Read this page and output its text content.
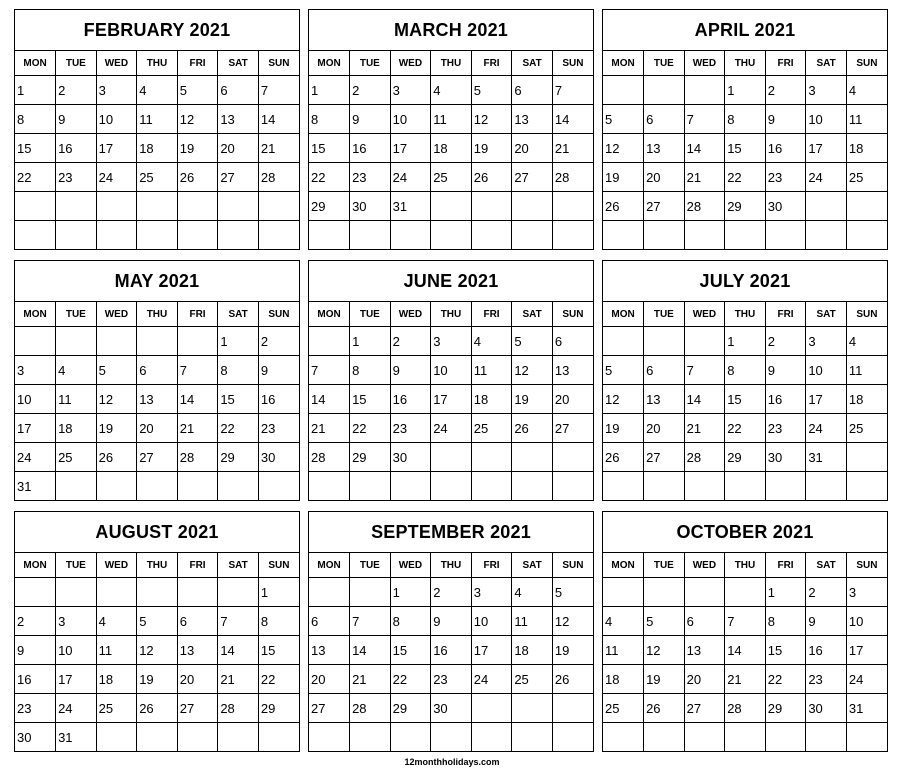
FEBRUARY 2021
MON	TUE	WED	THU	FRI	SAT	SUN
1	2	3	4	5	6	7
8	9	10	11	12	13	14
15	16	17	18	19	20	21
22	23	24	25	26	27	28

MARCH 2021
MON	TUE	WED	THU	FRI	SAT	SUN
1	2	3	4	5	6	7
8	9	10	11	12	13	14
15	16	17	18	19	20	21
22	23	24	25	26	27	28
29	30	31				

APRIL 2021
MON	TUE	WED	THU	FRI	SAT	SUN
			1	2	3	4
5	6	7	8	9	10	11
12	13	14	15	16	17	18
19	20	21	22	23	24	25
26	27	28	29	30		

MAY 2021
MON	TUE	WED	THU	FRI	SAT	SUN
					1	2
3	4	5	6	7	8	9
10	11	12	13	14	15	16
17	18	19	20	21	22	23
24	25	26	27	28	29	30
31						
JUNE 2021
MON	TUE	WED	THU	FRI	SAT	SUN
	1	2	3	4	5	6
7	8	9	10	11	12	13
14	15	16	17	18	19	20
21	22	23	24	25	26	27
28	29	30				

JULY 2021
MON	TUE	WED	THU	FRI	SAT	SUN
			1	2	3	4
5	6	7	8	9	10	11
12	13	14	15	16	17	18
19	20	21	22	23	24	25
26	27	28	29	30	31	

AUGUST 2021
MON	TUE	WED	THU	FRI	SAT	SUN
						1
2	3	4	5	6	7	8
9	10	11	12	13	14	15
16	17	18	19	20	21	22
23	24	25	26	27	28	29
30	31					
SEPTEMBER 2021
MON	TUE	WED	THU	FRI	SAT	SUN
		1	2	3	4	5
6	7	8	9	10	11	12
13	14	15	16	17	18	19
20	21	22	23	24	25	26
27	28	29	30			

OCTOBER 2021
MON	TUE	WED	THU	FRI	SAT	SUN
				1	2	3
4	5	6	7	8	9	10
11	12	13	14	15	16	17
18	19	20	21	22	23	24
25	26	27	28	29	30	31

12monthholidays.com
